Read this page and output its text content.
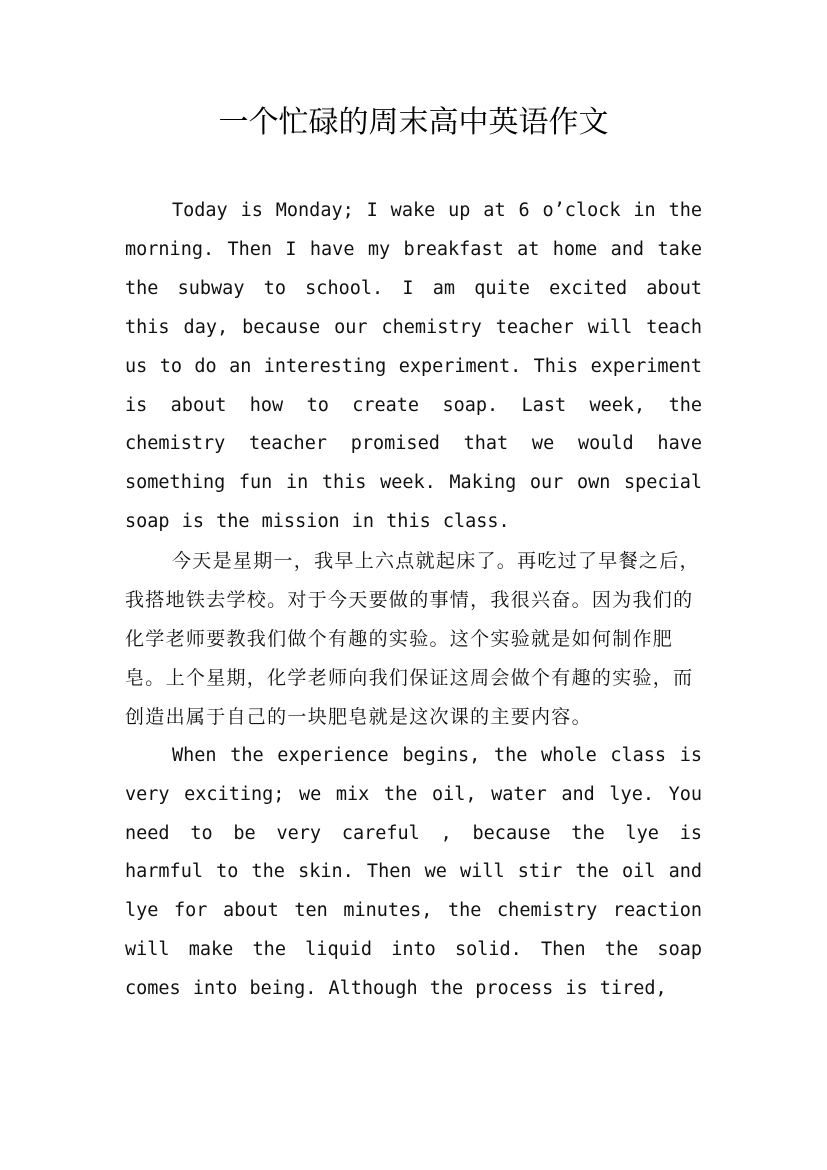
一个忙碌的周末高中英语作文

Today is Monday; I wake up at 6 o’clock in the morning. Then I have my breakfast at home and take the subway to school. I am quite excited about this day, because our chemistry teacher will teach us to do an interesting experiment. This experiment is about how to create soap. Last week, the chemistry teacher promised that we would have something fun in this week. Making our own special soap is the mission in this class.

今天是星期一，我早上六点就起床了。再吃过了早餐之后，我搭地铁去学校。对于今天要做的事情，我很兴奋。因为我们的化学老师要教我们做个有趣的实验。这个实验就是如何制作肥皂。上个星期，化学老师向我们保证这周会做个有趣的实验，而创造出属于自己的一块肥皂就是这次课的主要内容。

When the experience begins, the whole class is very exciting; we mix the oil, water and lye. You need to be very careful , because the lye is harmful to the skin. Then we will stir the oil and lye for about ten minutes, the chemistry reaction will make the liquid into solid. Then the soap comes into being. Although the process is tired,
